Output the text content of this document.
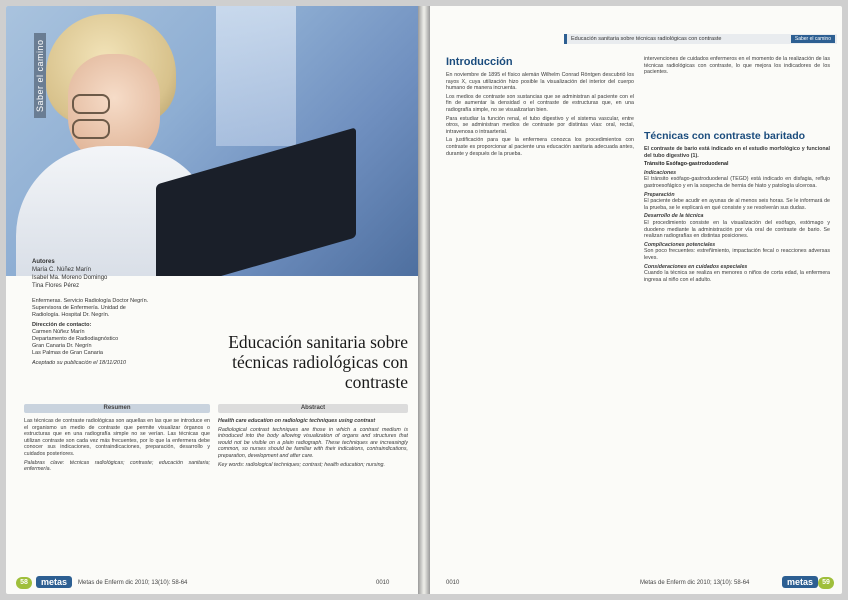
Saber el camino
Autores
María C. Núñez Marín
Isabel Ma. Moreno Domingo
Tina Flores Pérez
Enfermeras. Servicio Radiología Doctor Negrín.
Supervisora de Enfermería. Unidad de
Radiología. Hospital Dr. Negrín.
Dirección de contacto:
Carmen Núñez Marín
Departamento de Radiodiagnóstico
Gran Canaria Dr. Negrín
Las Palmas de Gran Canaria
Aceptado su publicación el 18/11/2010
Educación sanitaria sobre
técnicas radiológicas con
contraste
Resumen

Las técnicas de contraste radiológicas son aquellas en las que se introduce en el organismo un medio de contraste que permite visualizar órganos o estructuras que en una radiografía simple no se verían. Las técnicas que utilizan contraste son cada vez más frecuentes, por lo que la enfermera debe conocer sus indicaciones, contraindicaciones, preparación, desarrollo y cuidados posteriores.

Palabras clave: técnicas radiológicas; contraste; educación sanitaria; enfermería.

Abstract

Health care education on radiologic techniques using contrast

Radiological contrast techniques are those in which a contrast medium is introduced into the body allowing visualization of organs and structures that would not be visible on a plain radiograph. These techniques are increasingly common, so nurses should be familiar with their indications, contraindications, preparation, development and after care.

Key words: radiological techniques; contrast; health education; nursing.

58	metas	Metas de Enferm dic 2010; 13(10): 58-64	0010
Educación sanitaria sobre técnicas radiológicas con contraste	Saber el camino
Introducción

En noviembre de 1895 el físico alemán Wilhelm Conrad Röntgen descubrió los rayos X, cuya utilización hizo posible la visualización del interior del cuerpo humano de manera incruenta.

Los medios de contraste son sustancias que se administran al paciente con el fin de aumentar la densidad o el contraste de estructuras que, en una radiografía simple, no se visualizarían bien.

Para estudiar la función renal, el tubo digestivo y el sistema vascular, entre otros, se administran medios de contraste por distintas vías: oral, rectal, intravenosa o intraarterial.

La justificación para que la enfermera conozca los procedimientos con contraste es proporcionar al paciente una educación sanitaria adecuada antes, durante y después de la prueba.

intervenciones de cuidados enfermeros en el momento de la realización de las técnicas radiológicas con contraste, lo que mejora los indicadores de los pacientes.

Técnicas con contraste baritado

El contraste de bario está indicado en el estudio morfológico y funcional del tubo digestivo (1).

Tránsito Esófago-gastroduodenal
Indicaciones

El tránsito esófago-gastroduodenal (TEGD) está indicado en disfagia, reflujo gastroesofágico y en la sospecha de hernia de hiato y patología ulcerosa.

Preparación

El paciente debe acudir en ayunas de al menos seis horas. Se le informará de la prueba, se le explicará en qué consiste y se resolverán sus dudas.

Desarrollo de la técnica

El procedimiento consiste en la visualización del esófago, estómago y duodeno mediante la administración por vía oral de contraste de bario. Se realizan radiografías en distintas posiciones.

Complicaciones potenciales

Son poco frecuentes: estreñimiento, impactación fecal o reacciones adversas leves.

Consideraciones en cuidados especiales

Cuando la técnica se realiza en menores o niños de corta edad, la enfermera ingresa al niño con el adulto.

0010	Metas de Enferm dic 2010; 13(10): 58-64	metas	59
